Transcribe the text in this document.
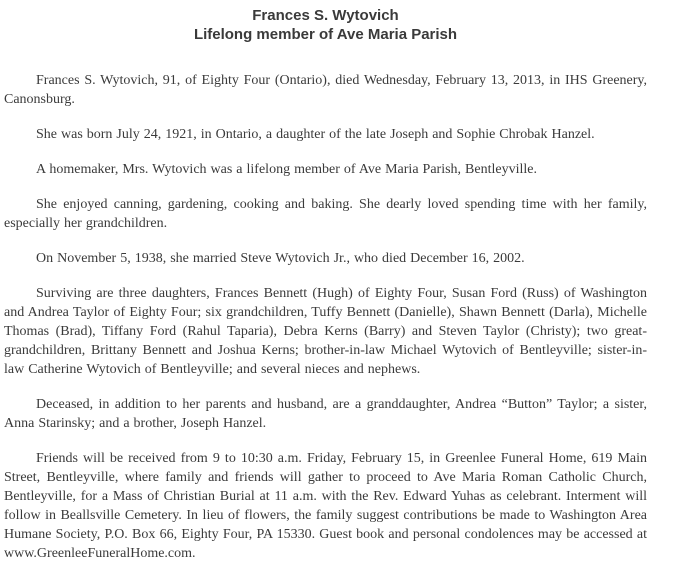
Frances S. Wytovich
Lifelong member of Ave Maria Parish

Frances S. Wytovich, 91, of Eighty Four (Ontario), died Wednesday, February 13, 2013, in IHS Greenery, Canonsburg.

She was born July 24, 1921, in Ontario, a daughter of the late Joseph and Sophie Chrobak Hanzel.

A homemaker, Mrs. Wytovich was a lifelong member of Ave Maria Parish, Bentleyville.

She enjoyed canning, gardening, cooking and baking. She dearly loved spending time with her family, especially her grandchildren.

On November 5, 1938, she married Steve Wytovich Jr., who died December 16, 2002.

Surviving are three daughters, Frances Bennett (Hugh) of Eighty Four, Susan Ford (Russ) of Washington and Andrea Taylor of Eighty Four; six grandchildren, Tuffy Bennett (Danielle), Shawn Bennett (Darla), Michelle Thomas (Brad), Tiffany Ford (Rahul Taparia), Debra Kerns (Barry) and Steven Taylor (Christy); two great-grandchildren, Brittany Bennett and Joshua Kerns; brother-in-law Michael Wytovich of Bentleyville; sister-in-law Catherine Wytovich of Bentleyville; and several nieces and nephews.

Deceased, in addition to her parents and husband, are a granddaughter, Andrea “Button” Taylor; a sister, Anna Starinsky; and a brother, Joseph Hanzel.

Friends will be received from 9 to 10:30 a.m. Friday, February 15, in Greenlee Funeral Home, 619 Main Street, Bentleyville, where family and friends will gather to proceed to Ave Maria Roman Catholic Church, Bentleyville, for a Mass of Christian Burial at 11 a.m. with the Rev. Edward Yuhas as celebrant. Interment will follow in Beallsville Cemetery. In lieu of flowers, the family suggest contributions be made to Washington Area Humane Society, P.O. Box 66, Eighty Four, PA 15330. Guest book and personal condolences may be accessed at www.GreenleeFuneralHome.com.
